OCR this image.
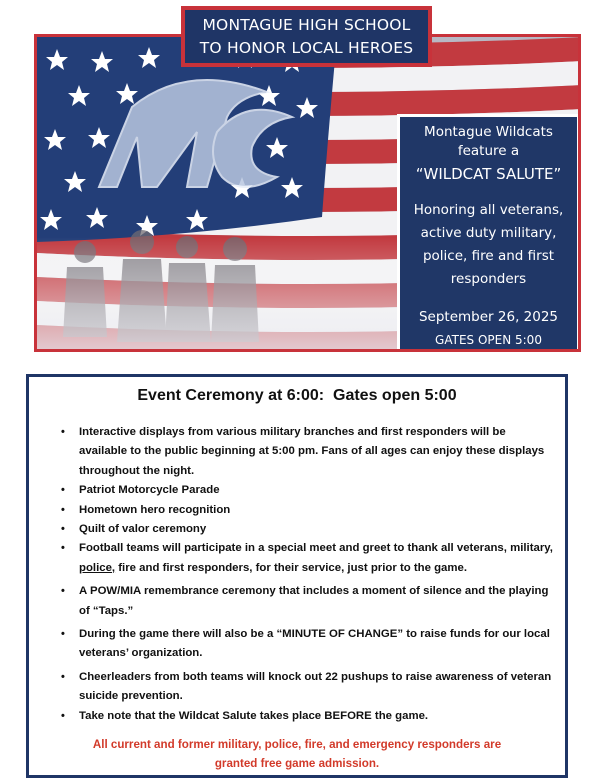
Montague Wildcats
feature a
“WILDCAT SALUTE”
Honoring all veterans,
active duty military,
police, fire and first
responders
September 26, 2025
GATES OPEN 5:00
MONTAGUE HIGH SCHOOL
TO HONOR LOCAL HEROES
Event Ceremony at 6:00:  Gates open 5:00
• Interactive displays from various military branches and first responders will be available to the public beginning at 5:00 pm. Fans of all ages can enjoy these displays throughout the night.
• Patriot Motorcycle Parade
• Hometown hero recognition
• Quilt of valor ceremony
• Football teams will participate in a special meet and greet to thank all veterans, military, police, fire and first responders, for their service, just prior to the game.
• A POW/MIA remembrance ceremony that includes a moment of silence and the playing of “Taps.”
• During the game there will also be a “MINUTE OF CHANGE” to raise funds for our local veterans’ organization.
• Cheerleaders from both teams will knock out 22 pushups to raise awareness of veteran suicide prevention.
• Take note that the Wildcat Salute takes place BEFORE the game.
All current and former military, police, fire, and emergency responders are
granted free game admission.
